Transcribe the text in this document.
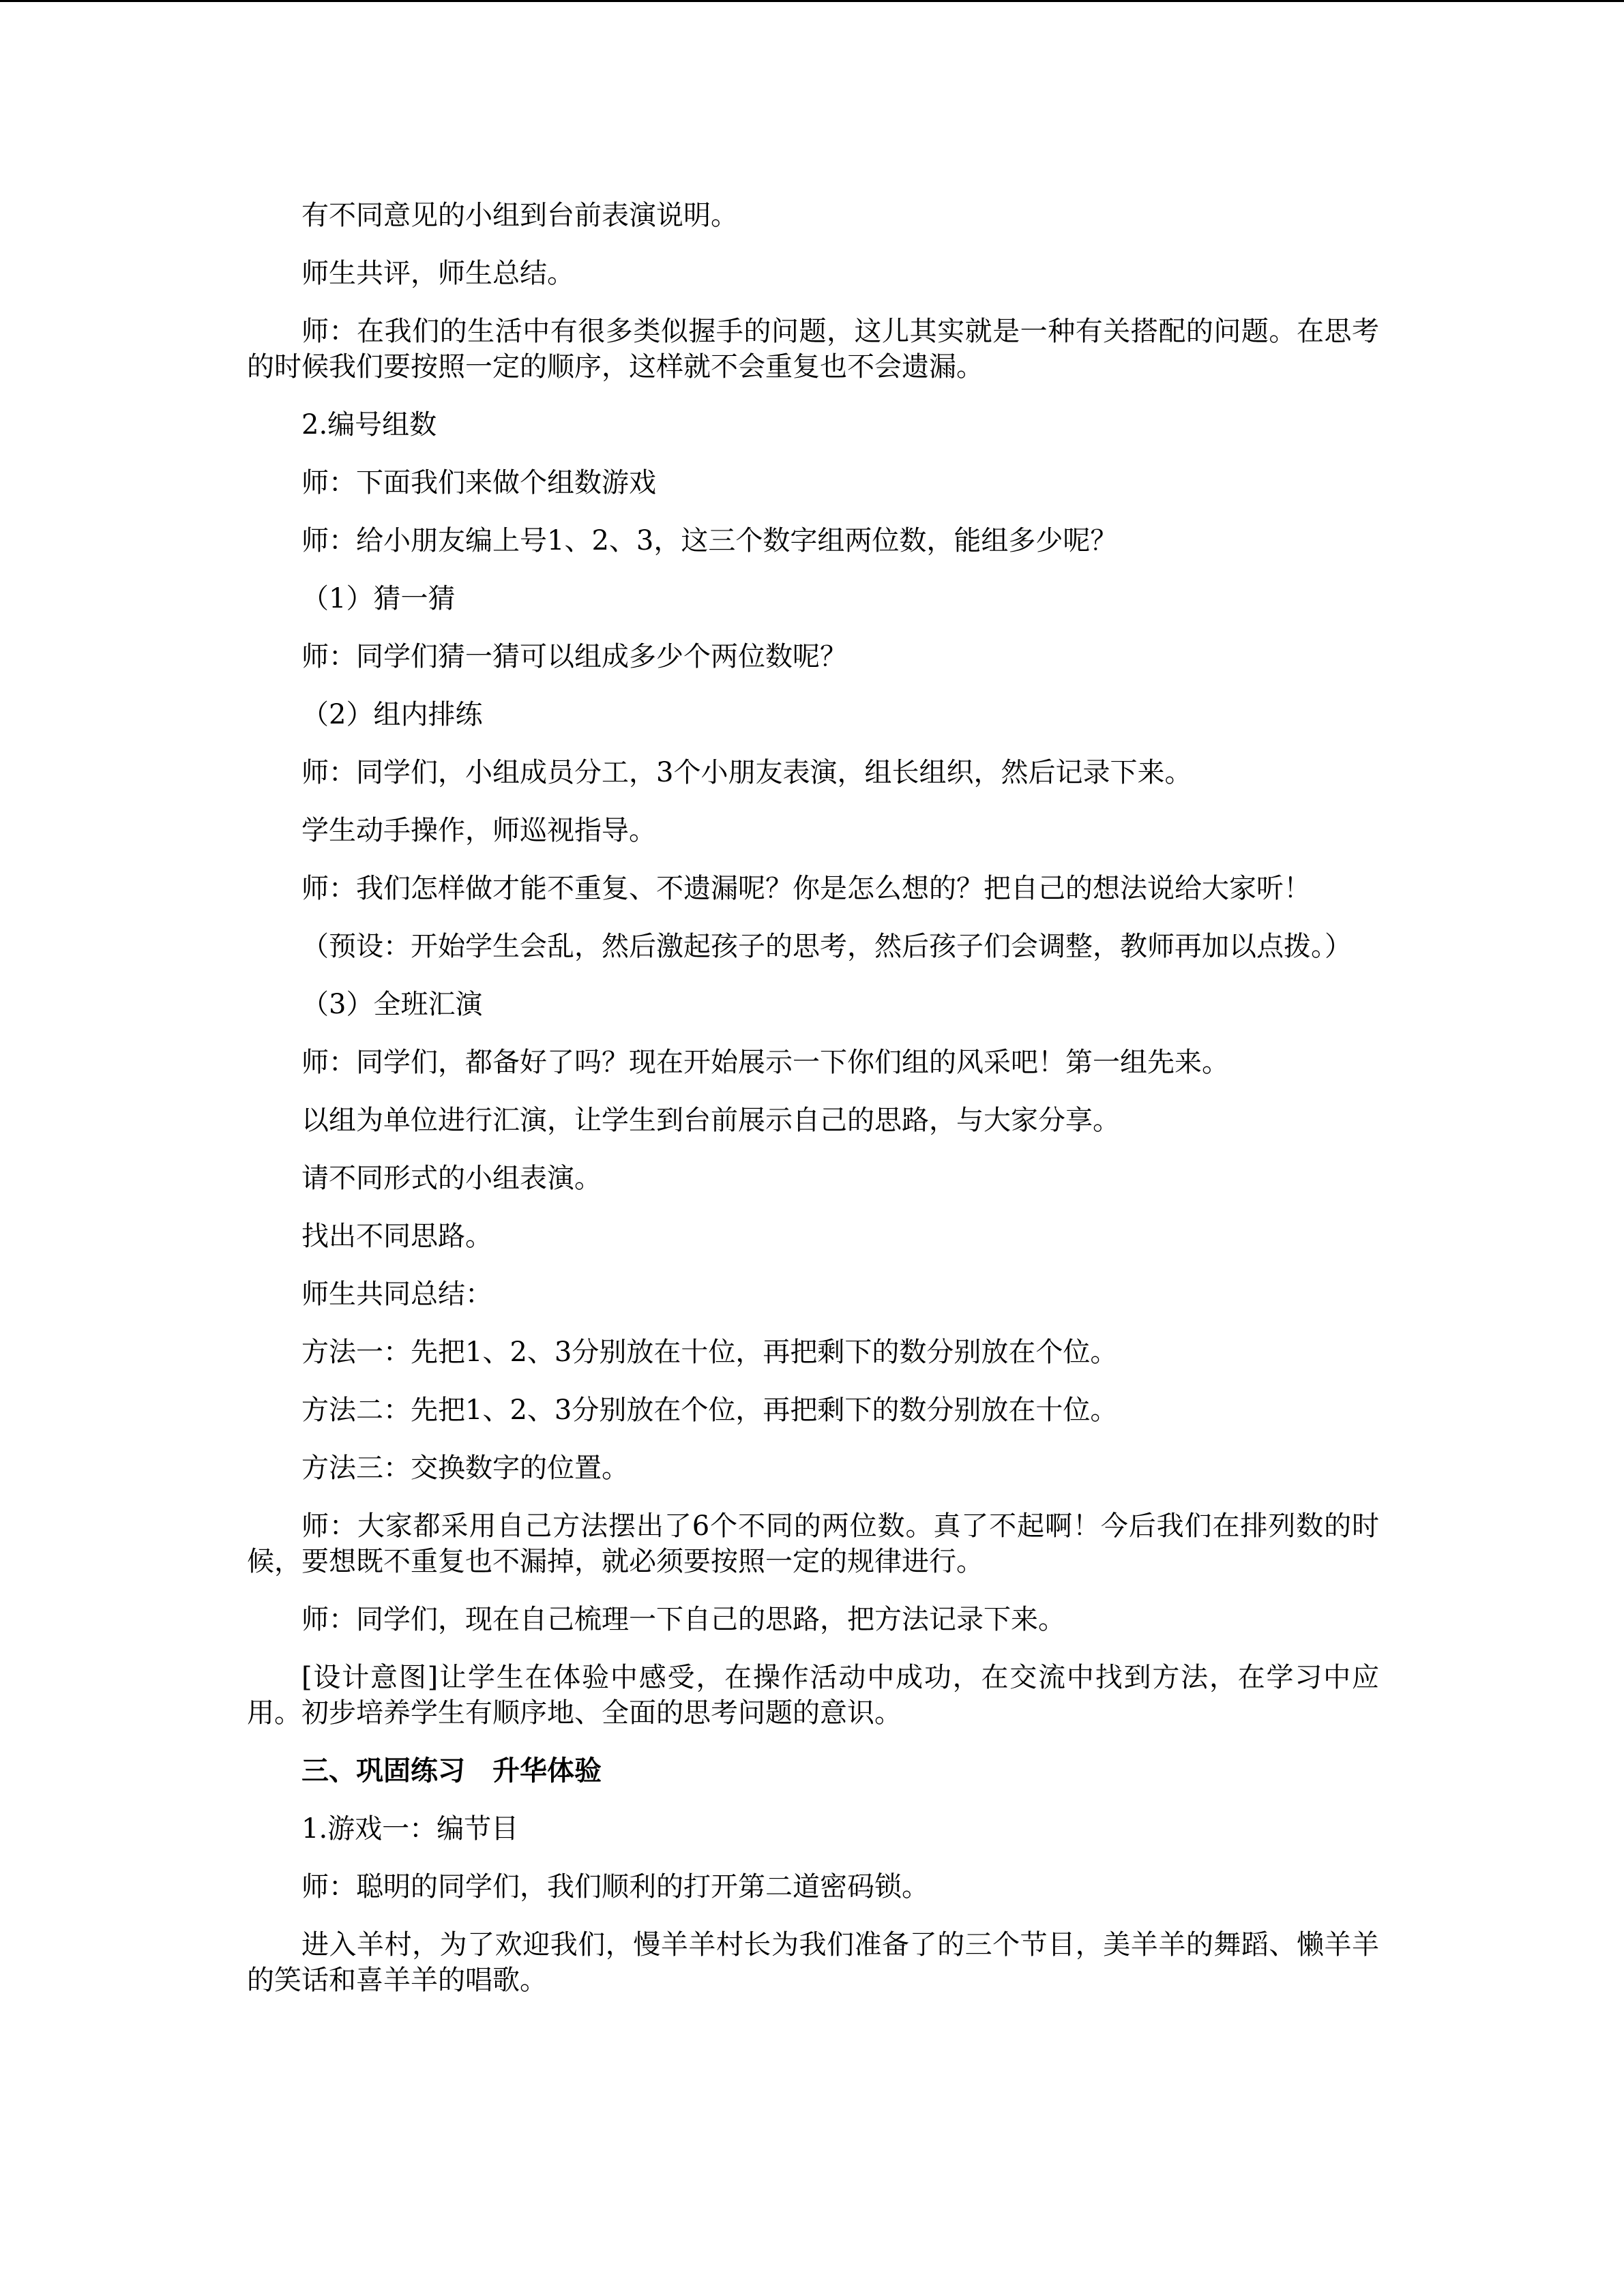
有不同意见的小组到台前表演说明。

师生共评，师生总结。

师：在我们的生活中有很多类似握手的问题，这儿其实就是一种有关搭配的问题。在思考的时候我们要按照一定的顺序，这样就不会重复也不会遗漏。

2.编号组数

师：下面我们来做个组数游戏

师：给小朋友编上号1、2、3，这三个数字组两位数，能组多少呢？

（1）猜一猜

师：同学们猜一猜可以组成多少个两位数呢？

（2）组内排练

师：同学们，小组成员分工，3个小朋友表演，组长组织，然后记录下来。

学生动手操作，师巡视指导。

师：我们怎样做才能不重复、不遗漏呢？你是怎么想的？把自己的想法说给大家听！

（预设：开始学生会乱，然后激起孩子的思考，然后孩子们会调整，教师再加以点拨。）

（3）全班汇演

师：同学们，都备好了吗？现在开始展示一下你们组的风采吧！第一组先来。

以组为单位进行汇演，让学生到台前展示自己的思路，与大家分享。

请不同形式的小组表演。

找出不同思路。

师生共同总结：

方法一：先把1、2、3分别放在十位，再把剩下的数分别放在个位。

方法二：先把1、2、3分别放在个位，再把剩下的数分别放在十位。

方法三：交换数字的位置。

师：大家都采用自己方法摆出了6个不同的两位数。真了不起啊！今后我们在排列数的时候，要想既不重复也不漏掉，就必须要按照一定的规律进行。

师：同学们，现在自己梳理一下自己的思路，把方法记录下来。

[设计意图]让学生在体验中感受，在操作活动中成功，在交流中找到方法，在学习中应用。初步培养学生有顺序地、全面的思考问题的意识。

三、巩固练习　升华体验

1.游戏一：编节目

师：聪明的同学们，我们顺利的打开第二道密码锁。

进入羊村，为了欢迎我们，慢羊羊村长为我们准备了的三个节目，美羊羊的舞蹈、懒羊羊的笑话和喜羊羊的唱歌。
